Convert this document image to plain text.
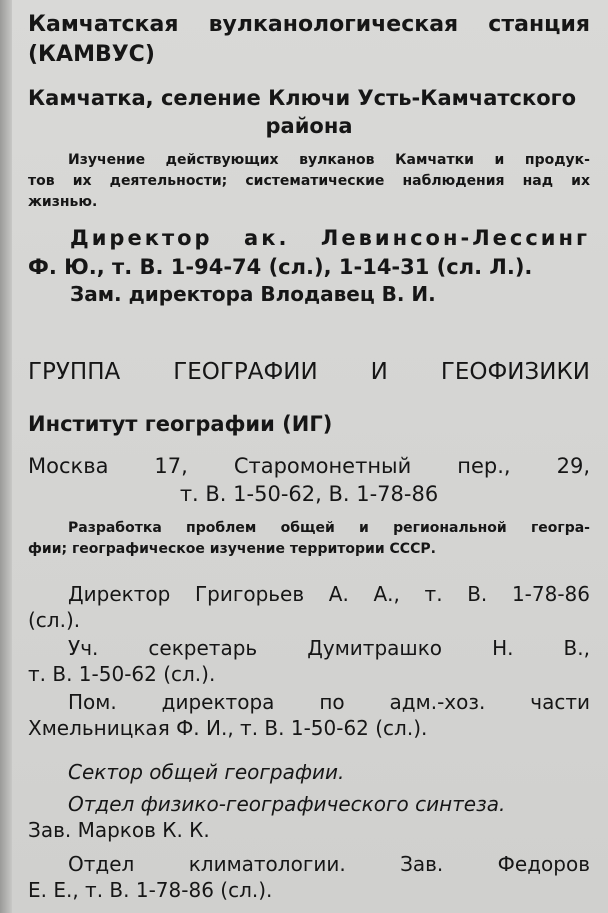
Камчатская вулканологическая станция

(КАМВУС)

Камчатка, селение Ключи Усть-Камчатского

района

Изучение действующих вулканов Камчатки и продук-

тов их деятельности; систематические наблюдения над их

жизнью.

Директор ак. Левинсон-Лессинг

Ф. Ю., т. В. 1-94-74 (сл.), 1-14-31 (сл. Л.).

Зам. директора Влодавец В. И.

ГРУППА ГЕОГРАФИИ И ГЕОФИЗИКИ

Институт географии (ИГ)

Москва 17, Старомонетный пер., 29,

т. В. 1-50-62, В. 1-78-86

Разработка проблем общей и региональной геогра-

фии; географическое изучение территории СССР.

Директор Григорьев А. А., т. В. 1-78-86

(сл.).

Уч. секретарь Думитрашко Н. В.,

т. В. 1-50-62 (сл.).

Пом. директора по адм.-хоз. части

Хмельницкая Ф. И., т. В. 1-50-62 (сл.).

Сектор общей географии.

Отдел физико-географического синтеза.

Зав. Марков К. К.

Отдел климатологии. Зав. Федоров

Е. Е., т. В. 1-78-86 (сл.).
